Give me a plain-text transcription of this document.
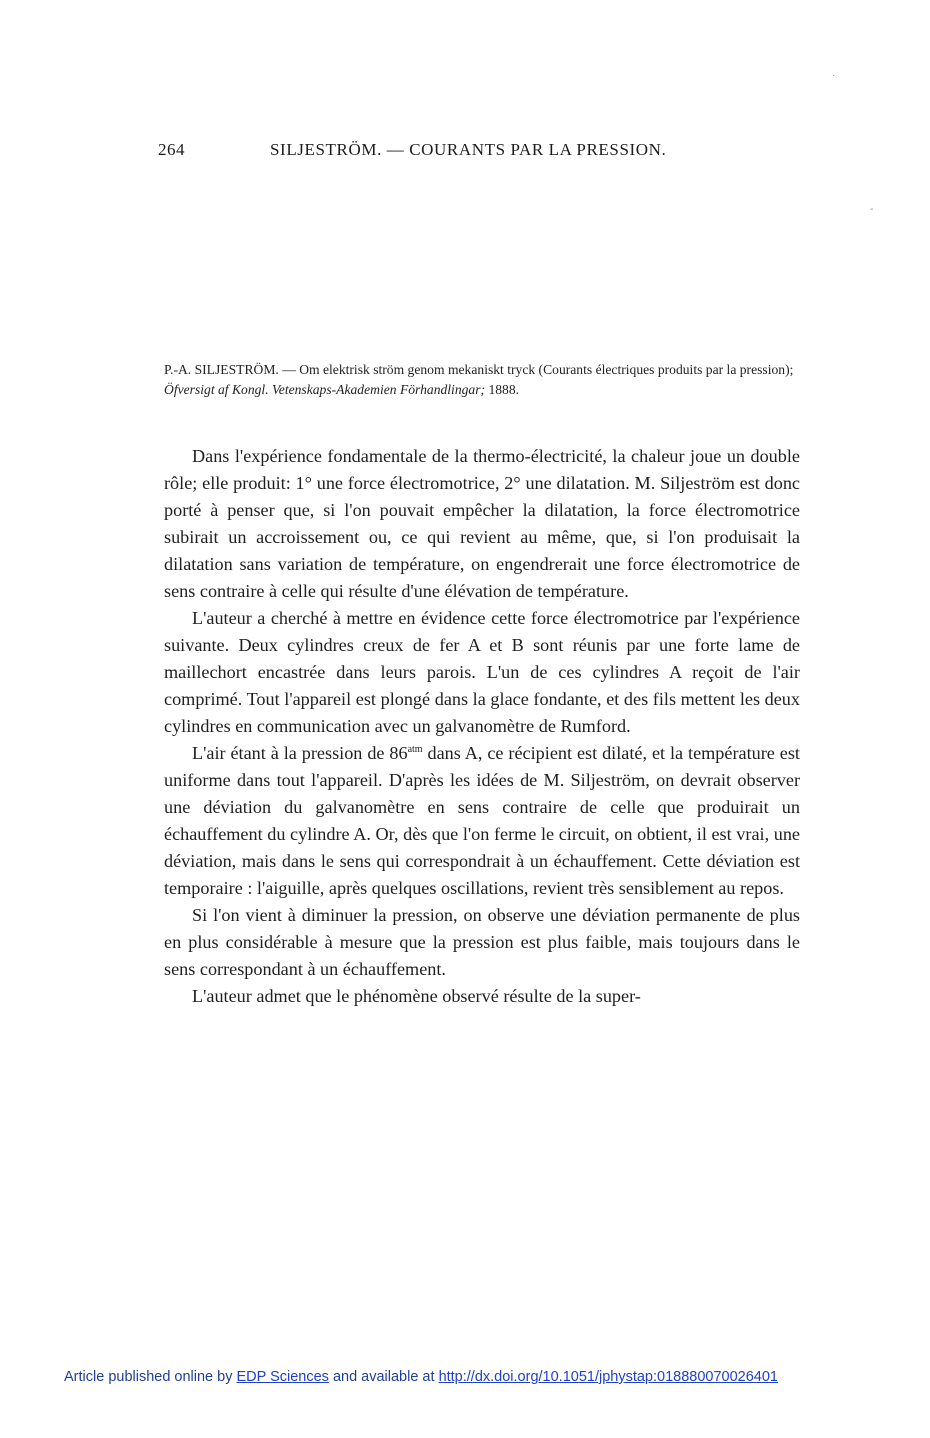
264	SILJESTRÖM. — COURANTS PAR LA PRESSION.
·
-
P.-A. SILJESTRÖM. — Om elektrisk ström genom mekaniskt tryck (Courants électriques produits par la pression); Öfversigt af Kongl. Vetenskaps-Akademien Förhandlingar; 1888.

Dans l'expérience fondamentale de la thermo-électricité, la chaleur joue un double rôle; elle produit: 1° une force électromotrice, 2° une dilatation. M. Siljeström est donc porté à penser que, si l'on pouvait empêcher la dilatation, la force électromotrice subirait un accroissement ou, ce qui revient au même, que, si l'on produisait la dilatation sans variation de température, on engendrerait une force électromotrice de sens contraire à celle qui résulte d'une élévation de température.

L'auteur a cherché à mettre en évidence cette force électromotrice par l'expérience suivante. Deux cylindres creux de fer A et B sont réunis par une forte lame de maillechort encastrée dans leurs parois. L'un de ces cylindres A reçoit de l'air comprimé. Tout l'appareil est plongé dans la glace fondante, et des fils mettent les deux cylindres en communication avec un galvanomètre de Rumford.

L'air étant à la pression de $86^{atm}$ dans A, ce récipient est dilaté, et la température est uniforme dans tout l'appareil. D'après les idées de M. Siljeström, on devrait observer une déviation du galvanomètre en sens contraire de celle que produirait un échauffement du cylindre A. Or, dès que l'on ferme le circuit, on obtient, il est vrai, une déviation, mais dans le sens qui correspondrait à un échauffement. Cette déviation est temporaire : l'aiguille, après quelques oscillations, revient très sensiblement au repos.

Si l'on vient à diminuer la pression, on observe une déviation permanente de plus en plus considérable à mesure que la pression est plus faible, mais toujours dans le sens correspondant à un échauffement.

L'auteur admet que le phénomène observé résulte de la super-

Article published online by EDP Sciences and available at http://dx.doi.org/10.1051/jphystap:018880070026401
